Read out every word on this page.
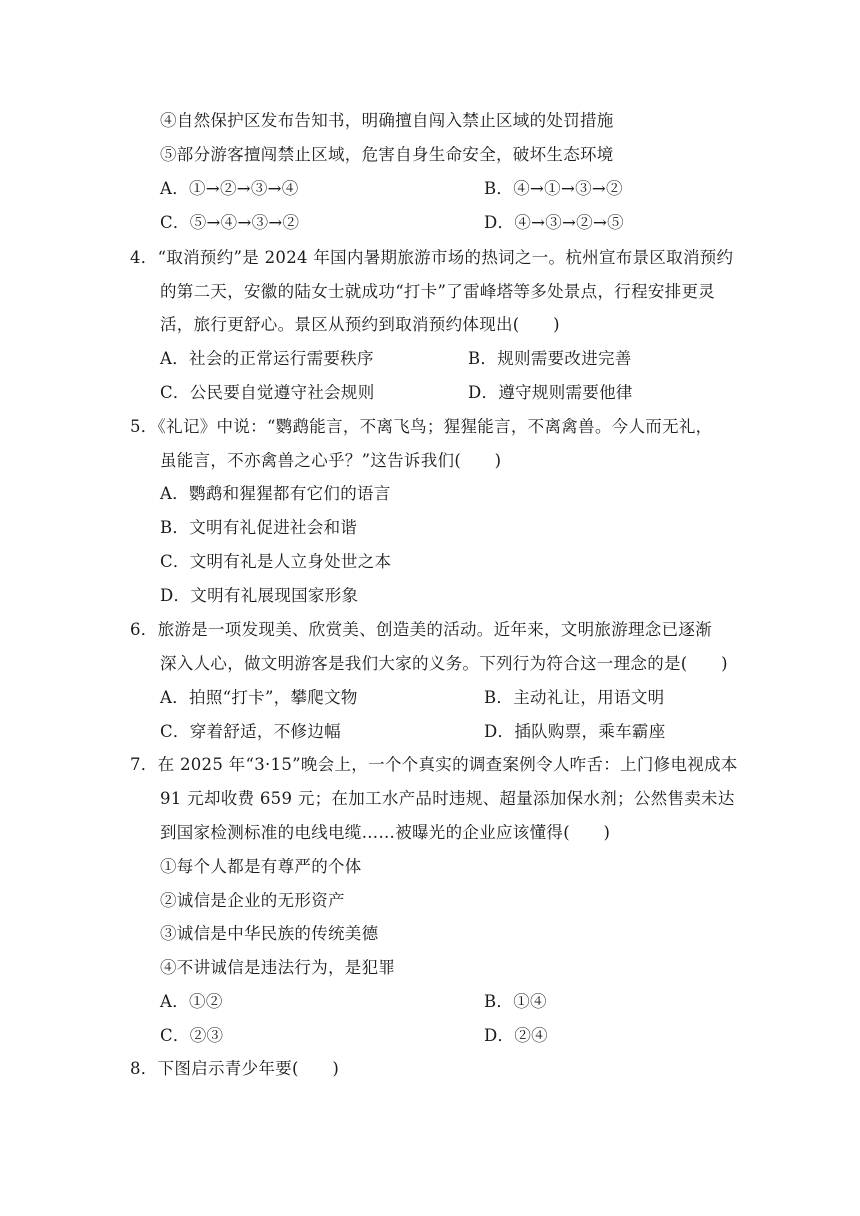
④自然保护区发布告知书，明确擅自闯入禁止区域的处罚措施
⑤部分游客擅闯禁止区域，危害自身生命安全，破坏生态环境
A．①→②→③→④	B．④→①→③→②
C．⑤→④→③→②	D．④→③→②→⑤
4．“取消预约”是 2024 年国内暑期旅游市场的热词之一。杭州宣布景区取消预约
的第二天，安徽的陆女士就成功“打卡”了雷峰塔等多处景点，行程安排更灵
活，旅行更舒心。景区从预约到取消预约体现出(　　)
A．社会的正常运行需要秩序	B．规则需要改进完善
C．公民要自觉遵守社会规则	D．遵守规则需要他律
5．《礼记》中说：“鹦鹉能言，不离飞鸟；猩猩能言，不离禽兽。今人而无礼，
虽能言，不亦禽兽之心乎？”这告诉我们(　　)
A．鹦鹉和猩猩都有它们的语言
B．文明有礼促进社会和谐
C．文明有礼是人立身处世之本
D．文明有礼展现国家形象
6．旅游是一项发现美、欣赏美、创造美的活动。近年来，文明旅游理念已逐渐
深入人心，做文明游客是我们大家的义务。下列行为符合这一理念的是(　　)
A．拍照“打卡”，攀爬文物	B．主动礼让，用语文明
C．穿着舒适，不修边幅	D．插队购票，乘车霸座
7．在 2025 年“3·15”晚会上，一个个真实的调查案例令人咋舌：上门修电视成本
91 元却收费 659 元；在加工水产品时违规、超量添加保水剂；公然售卖未达
到国家检测标准的电线电缆……被曝光的企业应该懂得(　　)
①每个人都是有尊严的个体
②诚信是企业的无形资产
③诚信是中华民族的传统美德
④不讲诚信是违法行为，是犯罪
A．①②	B．①④
C．②③	D．②④
8．下图启示青少年要(　　)
